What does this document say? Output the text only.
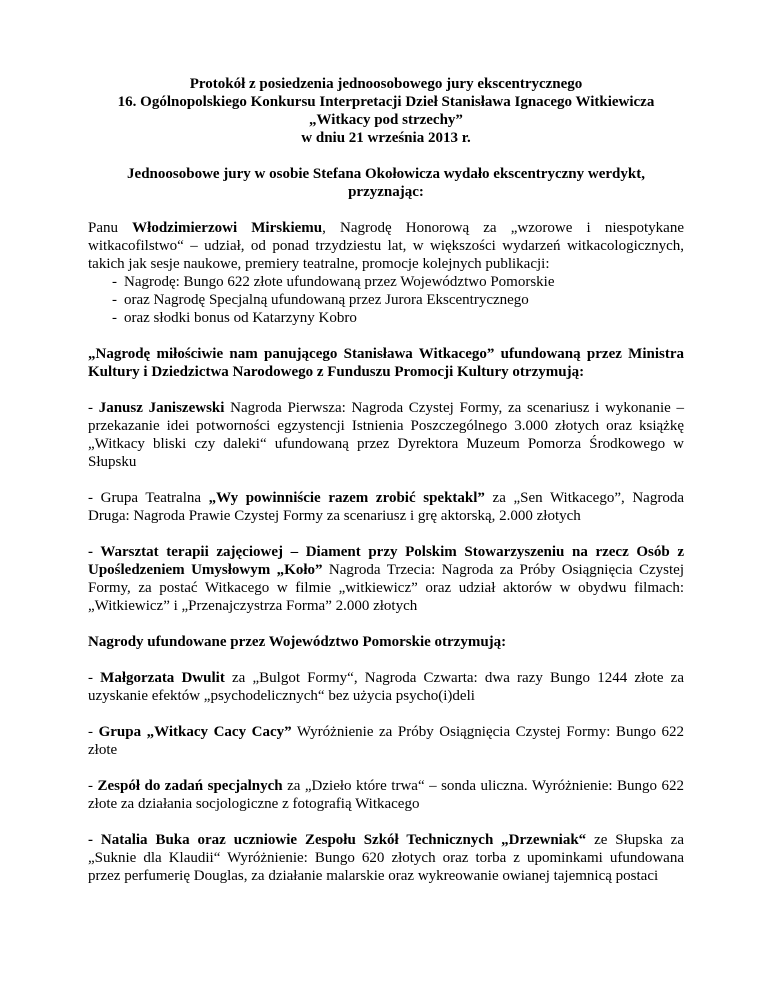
Protokół z posiedzenia jednoosobowego jury ekscentrycznego
16. Ogólnopolskiego Konkursu Interpretacji Dzieł Stanisława Ignacego Witkiewicza
„Witkacy pod strzechy”
w dniu 21 września 2013 r.
Jednoosobowe jury w osobie Stefana Okołowicza wydało ekscentryczny werdykt,
przyznając:

Panu Włodzimierzowi Mirskiemu, Nagrodę Honorową za „wzorowe i niespotykane witkacofilstwo“ – udział, od ponad trzydziestu lat, w większości wydarzeń witkacologicznych, takich jak sesje naukowe, premiery teatralne, promocje kolejnych publikacji:

- Nagrodę: Bungo 622 złote ufundowaną przez Województwo Pomorskie
- oraz Nagrodę Specjalną ufundowaną przez Jurora Ekscentrycznego
- oraz słodki bonus od Katarzyny Kobro

„Nagrodę miłościwie nam panującego Stanisława Witkacego” ufundowaną przez Ministra Kultury i Dziedzictwa Narodowego z Funduszu Promocji Kultury otrzymują:

- Janusz Janiszewski Nagroda Pierwsza: Nagroda Czystej Formy, za scenariusz i wykonanie – przekazanie idei potworności egzystencji Istnienia Poszczególnego 3.000 złotych oraz książkę „Witkacy bliski czy daleki“ ufundowaną przez Dyrektora Muzeum Pomorza Środkowego w Słupsku

- Grupa Teatralna „Wy powinniście razem zrobić spektakl” za „Sen Witkacego”, Nagroda Druga: Nagroda Prawie Czystej Formy za scenariusz i grę aktorską, 2.000 złotych

- Warsztat terapii zajęciowej – Diament przy Polskim Stowarzyszeniu na rzecz Osób z Upośledzeniem Umysłowym „Koło” Nagroda Trzecia: Nagroda za Próby Osiągnięcia Czystej Formy, za postać Witkacego w filmie „witkiewicz” oraz udział aktorów w obydwu filmach: „Witkiewicz” i „Przenajczystrza Forma” 2.000 złotych

Nagrody ufundowane przez Województwo Pomorskie otrzymują:

- Małgorzata Dwulit za „Bulgot Formy“, Nagroda Czwarta: dwa razy Bungo 1244 złote za uzyskanie efektów „psychodelicznych“ bez użycia psycho(i)deli

- Grupa „Witkacy Cacy Cacy” Wyróżnienie za Próby Osiągnięcia Czystej Formy: Bungo 622 złote

- Zespół do zadań specjalnych za „Dzieło które trwa“ – sonda uliczna. Wyróżnienie: Bungo 622 złote za działania socjologiczne z fotografią Witkacego

- Natalia Buka oraz uczniowie Zespołu Szkół Technicznych „Drzewniak“ ze Słupska za „Suknie dla Klaudii“ Wyróżnienie: Bungo 620 złotych oraz torba z upominkami ufundowana przez perfumerię Douglas, za działanie malarskie oraz wykreowanie owianej tajemnicą postaci
